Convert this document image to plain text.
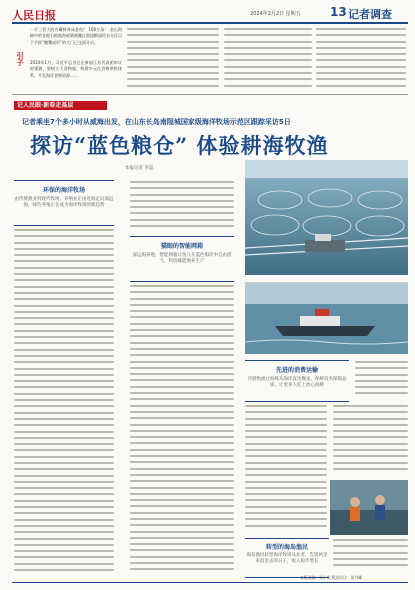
人民日报	2024年2月2日 星期五 13 记者调查
引子
一斤三倍大的冷藏鲜养成金鱼？ 100万条！ 金山海峡中的各地石梳被海底筛被鲍区群插鳄深钓水分区以下手跃“鲍鹭成形”的大门已全面开启。
2024年1月，习近平总书记在参加江苏代表团审议时强调，要树立大食物观，构建多元化食物供给体系，开发海洋食物资源……
记人民眼·新春走基层
记者乘坐7个多小时从威海出发，在山东长岛南隍城国家级海洋牧场示范区跟踪采访5日
探访“蓝色粮仓” 体验耕海牧渔
本报记者 李蕊
环保的海洋牧场
由传统渔业到现代牧场，养殖业正由近海走向深远海，绿色养殖正在成为海洋牧场的新趋势
猫眼的智能网箱
深远海养殖，智能网箱让鱼儿在蓝色海洋中自由游弋，科技赋能渔业生产
先进的消费运输
冷链物流让海鲜从海洋直达餐桌，保鲜技术保障品质，让更多人吃上放心海鲜
转型的海岛渔民
海岛渔民转型海洋牧场从业者，告别风里来浪里去的日子，收入稳步增长
本版责编：周小苑 版式设计：张丹峰
